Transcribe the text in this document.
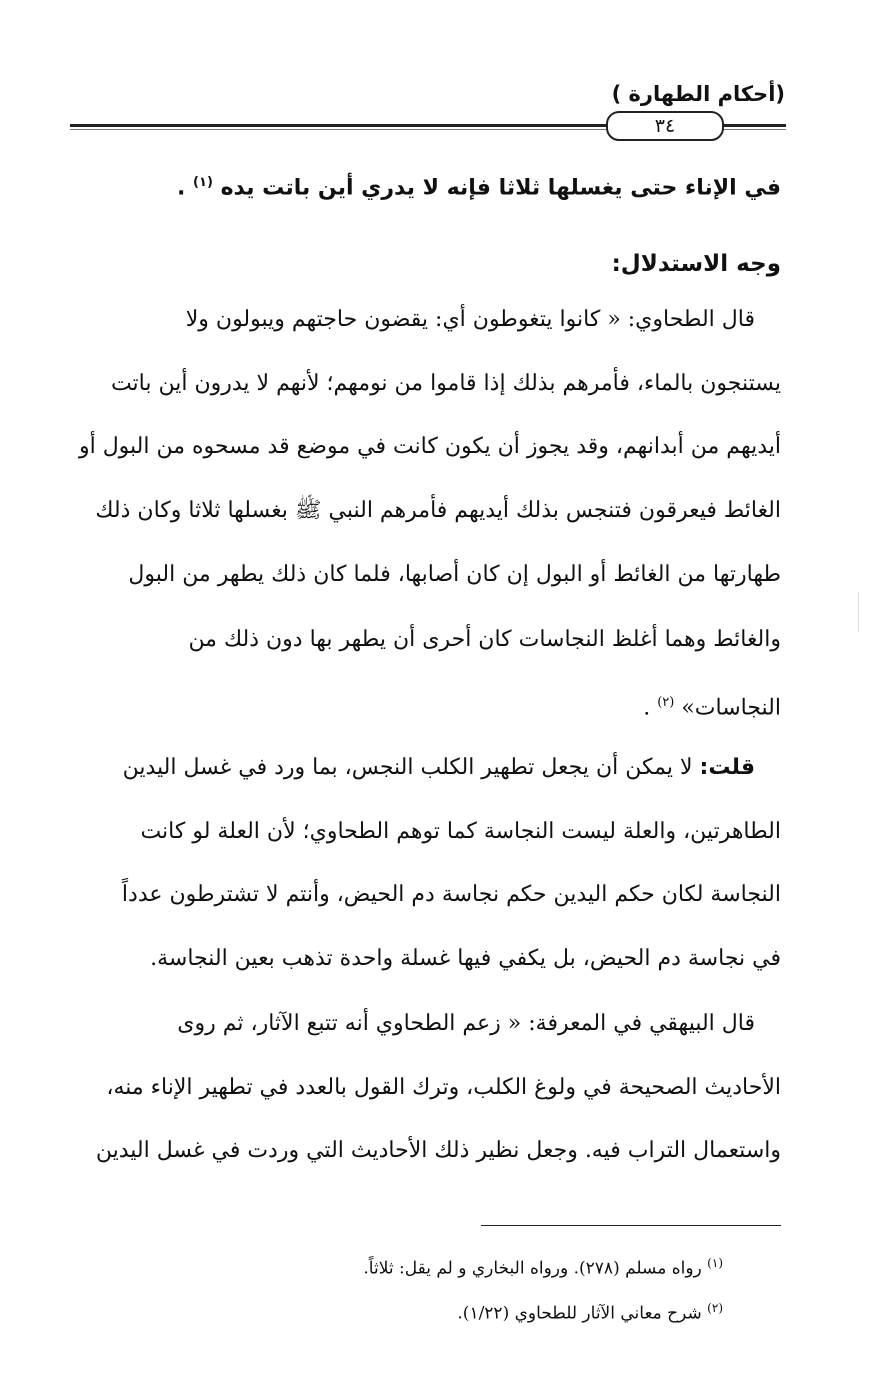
(أحكام الطهارة )
٣٤
في الإناء حتى يغسلها ثلاثا فإنه لا يدري أين باتت يده $^{(١)}$ .
وجه الاستدلال:
قال الطحاوي: « كانوا يتغوطون أي: يقضون حاجتهم ويبولون ولا
يستنجون بالماء، فأمرهم بذلك إذا قاموا من نومهم؛ لأنهم لا يدرون أين باتت
أيديهم من أبدانهم، وقد يجوز أن يكون كانت في موضع قد مسحوه من البول أو
الغائط فيعرقون فتنجس بذلك أيديهم فأمرهم النبي ﷺ بغسلها ثلاثا وكان ذلك
طهارتها من الغائط أو البول إن كان أصابها، فلما كان ذلك يطهر من البول
والغائط وهما أغلظ النجاسات كان أحرى أن يطهر بها دون ذلك من
النجاسات» $^{(٢)}$ .
قلت: لا يمكن أن يجعل تطهير الكلب النجس، بما ورد في غسل اليدين
الطاهرتين، والعلة ليست النجاسة كما توهم الطحاوي؛ لأن العلة لو كانت
النجاسة لكان حكم اليدين حكم نجاسة دم الحيض، وأنتم لا تشترطون عدداً
في نجاسة دم الحيض، بل يكفي فيها غسلة واحدة تذهب بعين النجاسة.
قال البيهقي في المعرفة: « زعم الطحاوي أنه تتبع الآثار، ثم روى
الأحاديث الصحيحة في ولوغ الكلب، وترك القول بالعدد في تطهير الإناء منه،
واستعمال التراب فيه. وجعل نظير ذلك الأحاديث التي وردت في غسل اليدين
$^{(١)}$ رواه مسلم (٢٧٨). ورواه البخاري و لم يقل: ثلاثاً.
$^{(٢)}$ شرح معاني الآثار للطحاوي (١/٢٢).
